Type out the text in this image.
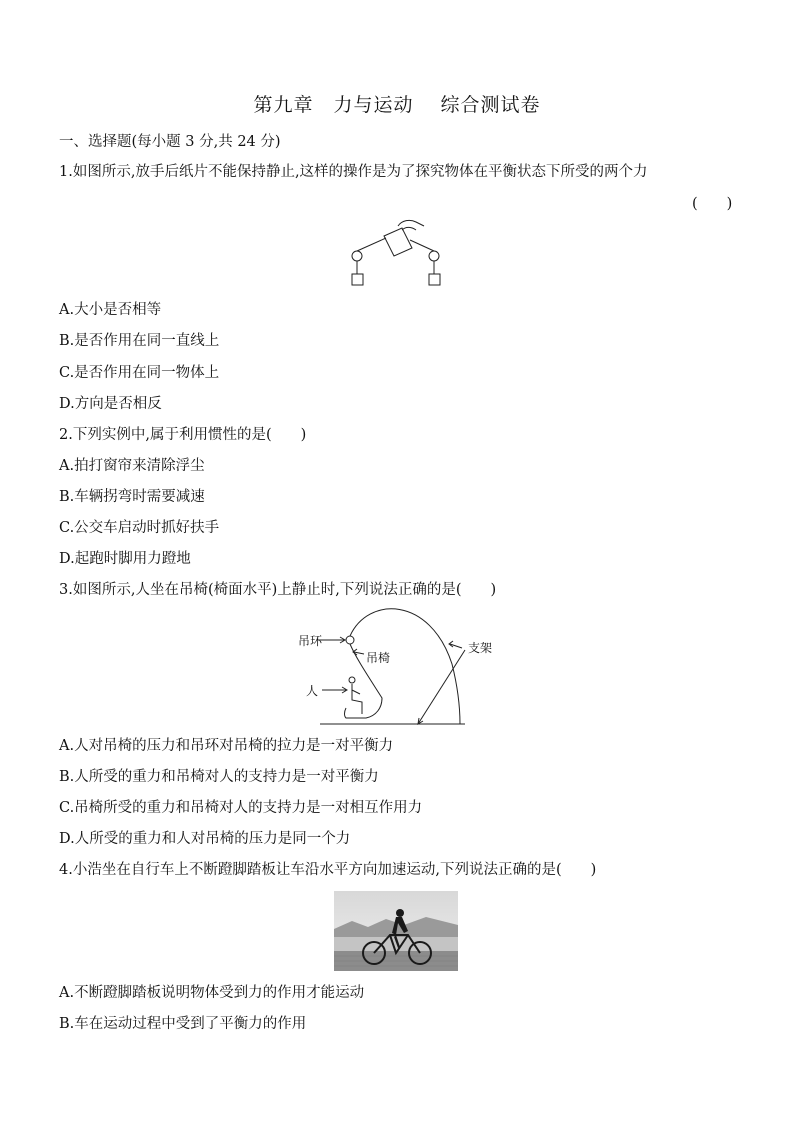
第九章　力与运动　 综合测试卷
一、选择题(每小题 3 分,共 24 分)
1.如图所示,放手后纸片不能保持静止,这样的操作是为了探究物体在平衡状态下所受的两个力
(　　)
A.大小是否相等
B.是否作用在同一直线上
C.是否作用在同一物体上
D.方向是否相反
2.下列实例中,属于利用惯性的是(　　)
A.拍打窗帘来清除浮尘
B.车辆拐弯时需要减速
C.公交车启动时抓好扶手
D.起跑时脚用力蹬地
3.如图所示,人坐在吊椅(椅面水平)上静止时,下列说法正确的是(　　)
吊环
吊椅
支架
人
A.人对吊椅的压力和吊环对吊椅的拉力是一对平衡力
B.人所受的重力和吊椅对人的支持力是一对平衡力
C.吊椅所受的重力和吊椅对人的支持力是一对相互作用力
D.人所受的重力和人对吊椅的压力是同一个力
4.小浩坐在自行车上不断蹬脚踏板让车沿水平方向加速运动,下列说法正确的是(　　)
A.不断蹬脚踏板说明物体受到力的作用才能运动
B.车在运动过程中受到了平衡力的作用
